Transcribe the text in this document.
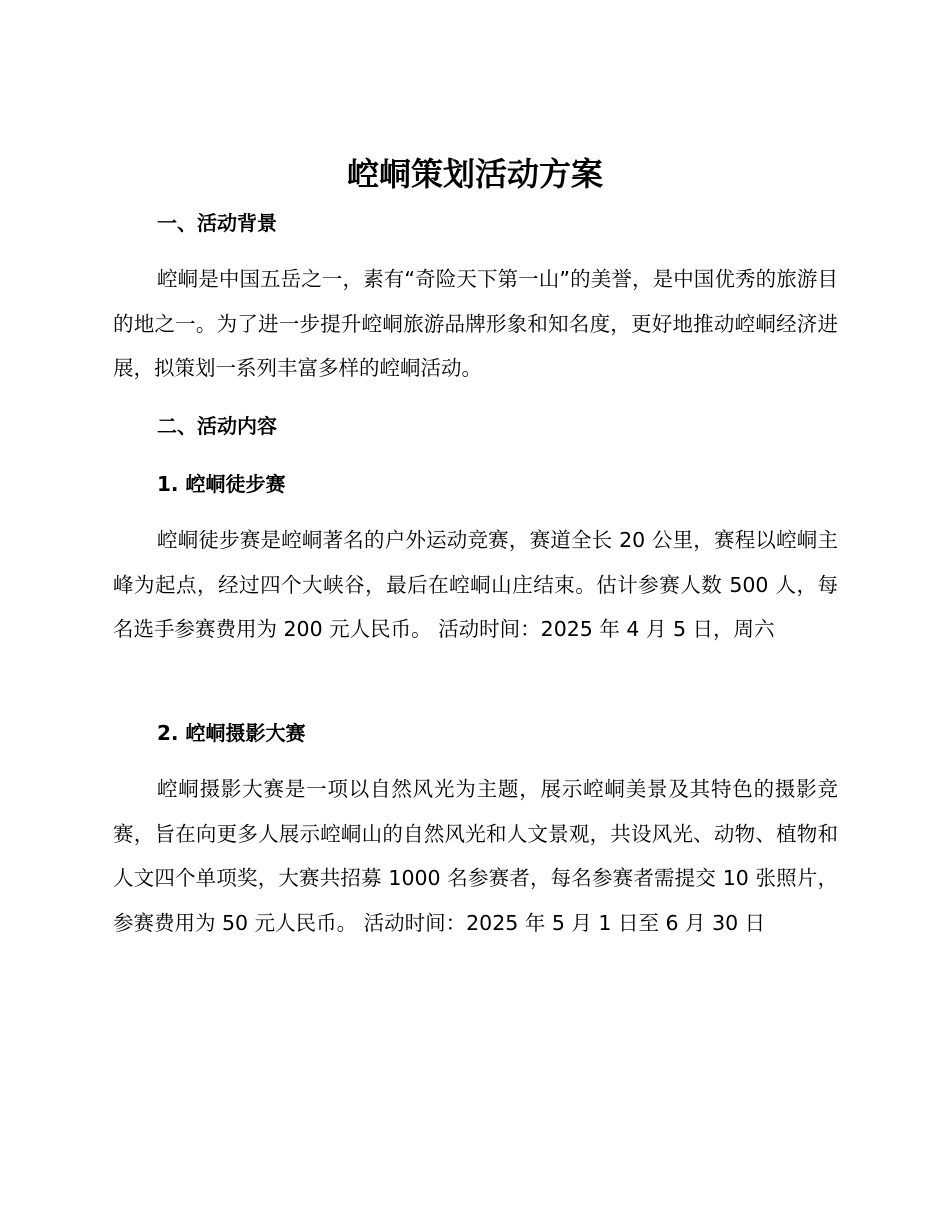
崆峒策划活动方案
一、活动背景

崆峒是中国五岳之一，素有“奇险天下第一山”的美誉，是中国优秀的旅游目的地之一。为了进一步提升崆峒旅游品牌形象和知名度，更好地推动崆峒经济进展，拟策划一系列丰富多样的崆峒活动。

二、活动内容
1. 崆峒徒步赛

崆峒徒步赛是崆峒著名的户外运动竞赛，赛道全长 20 公里，赛程以崆峒主峰为起点，经过四个大峡谷，最后在崆峒山庄结束。估计参赛人数 500 人，每名选手参赛费用为 200 元人民币。 活动时间：2025 年 4 月 5 日，周六

2. 崆峒摄影大赛

崆峒摄影大赛是一项以自然风光为主题，展示崆峒美景及其特色的摄影竞赛，旨在向更多人展示崆峒山的自然风光和人文景观，共设风光、动物、植物和人文四个单项奖，大赛共招募 1000 名参赛者，每名参赛者需提交 10 张照片，参赛费用为 50 元人民币。 活动时间：2025 年 5 月 1 日至 6 月 30 日
